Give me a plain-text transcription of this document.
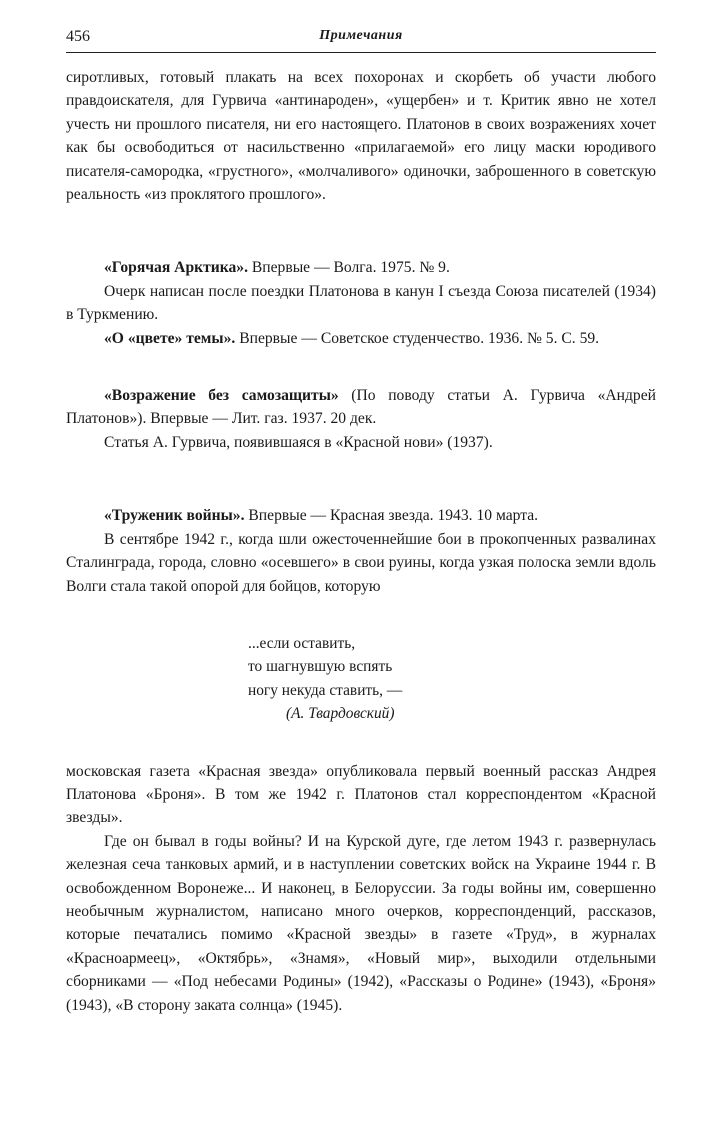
456	Примечания

сиротливых, готовый плакать на всех похоронах и скорбеть об участи любого правдоискателя, для Гурвича «антинароден», «ущербен» и т. Критик явно не хотел учесть ни прошлого писателя, ни его настоящего. Платонов в своих возражениях хочет как бы освободиться от насильственно «прилагаемой» его лицу маски юродивого писателя-самородка, «грустного», «молчаливого» одиночки, заброшенного в советскую реальность «из проклятого прошлого».

«Горячая Арктика». Впервые — Волга. 1975. № 9.

Очерк написан после поездки Платонова в канун I съезда Союза писателей (1934) в Туркмению.

«О «цвете» темы». Впервые — Советское студенчество. 1936. № 5. С. 59.

«Возражение без самозащиты» (По поводу статьи А. Гурвича «Андрей Платонов»). Впервые — Лит. газ. 1937. 20 дек.

Статья А. Гурвича, появившаяся в «Красной нови» (1937).

«Труженик войны». Впервые — Красная звезда. 1943. 10 марта.

В сентябре 1942 г., когда шли ожесточеннейшие бои в прокопченных развалинах Сталинграда, города, словно «осевшего» в свои руины, когда узкая полоска земли вдоль Волги стала такой опорой для бойцов, которую

...если оставить,
то шагнувшую вспять
ногу некуда ставить, —
(А. Твардовский)

московская газета «Красная звезда» опубликовала первый военный рассказ Андрея Платонова «Броня». В том же 1942 г. Платонов стал корреспондентом «Красной звезды».

Где он бывал в годы войны? И на Курской дуге, где летом 1943 г. развернулась железная сеча танковых армий, и в наступлении советских войск на Украине 1944 г. В освобожденном Воронеже... И наконец, в Белоруссии. За годы войны им, совершенно необычным журналистом, написано много очерков, корреспонденций, рассказов, которые печатались помимо «Красной звезды» в газете «Труд», в журналах «Красноармеец», «Октябрь», «Знамя», «Новый мир», выходили отдельными сборниками — «Под небесами Родины» (1942), «Рассказы о Родине» (1943), «Броня» (1943), «В сторону заката солнца» (1945).
